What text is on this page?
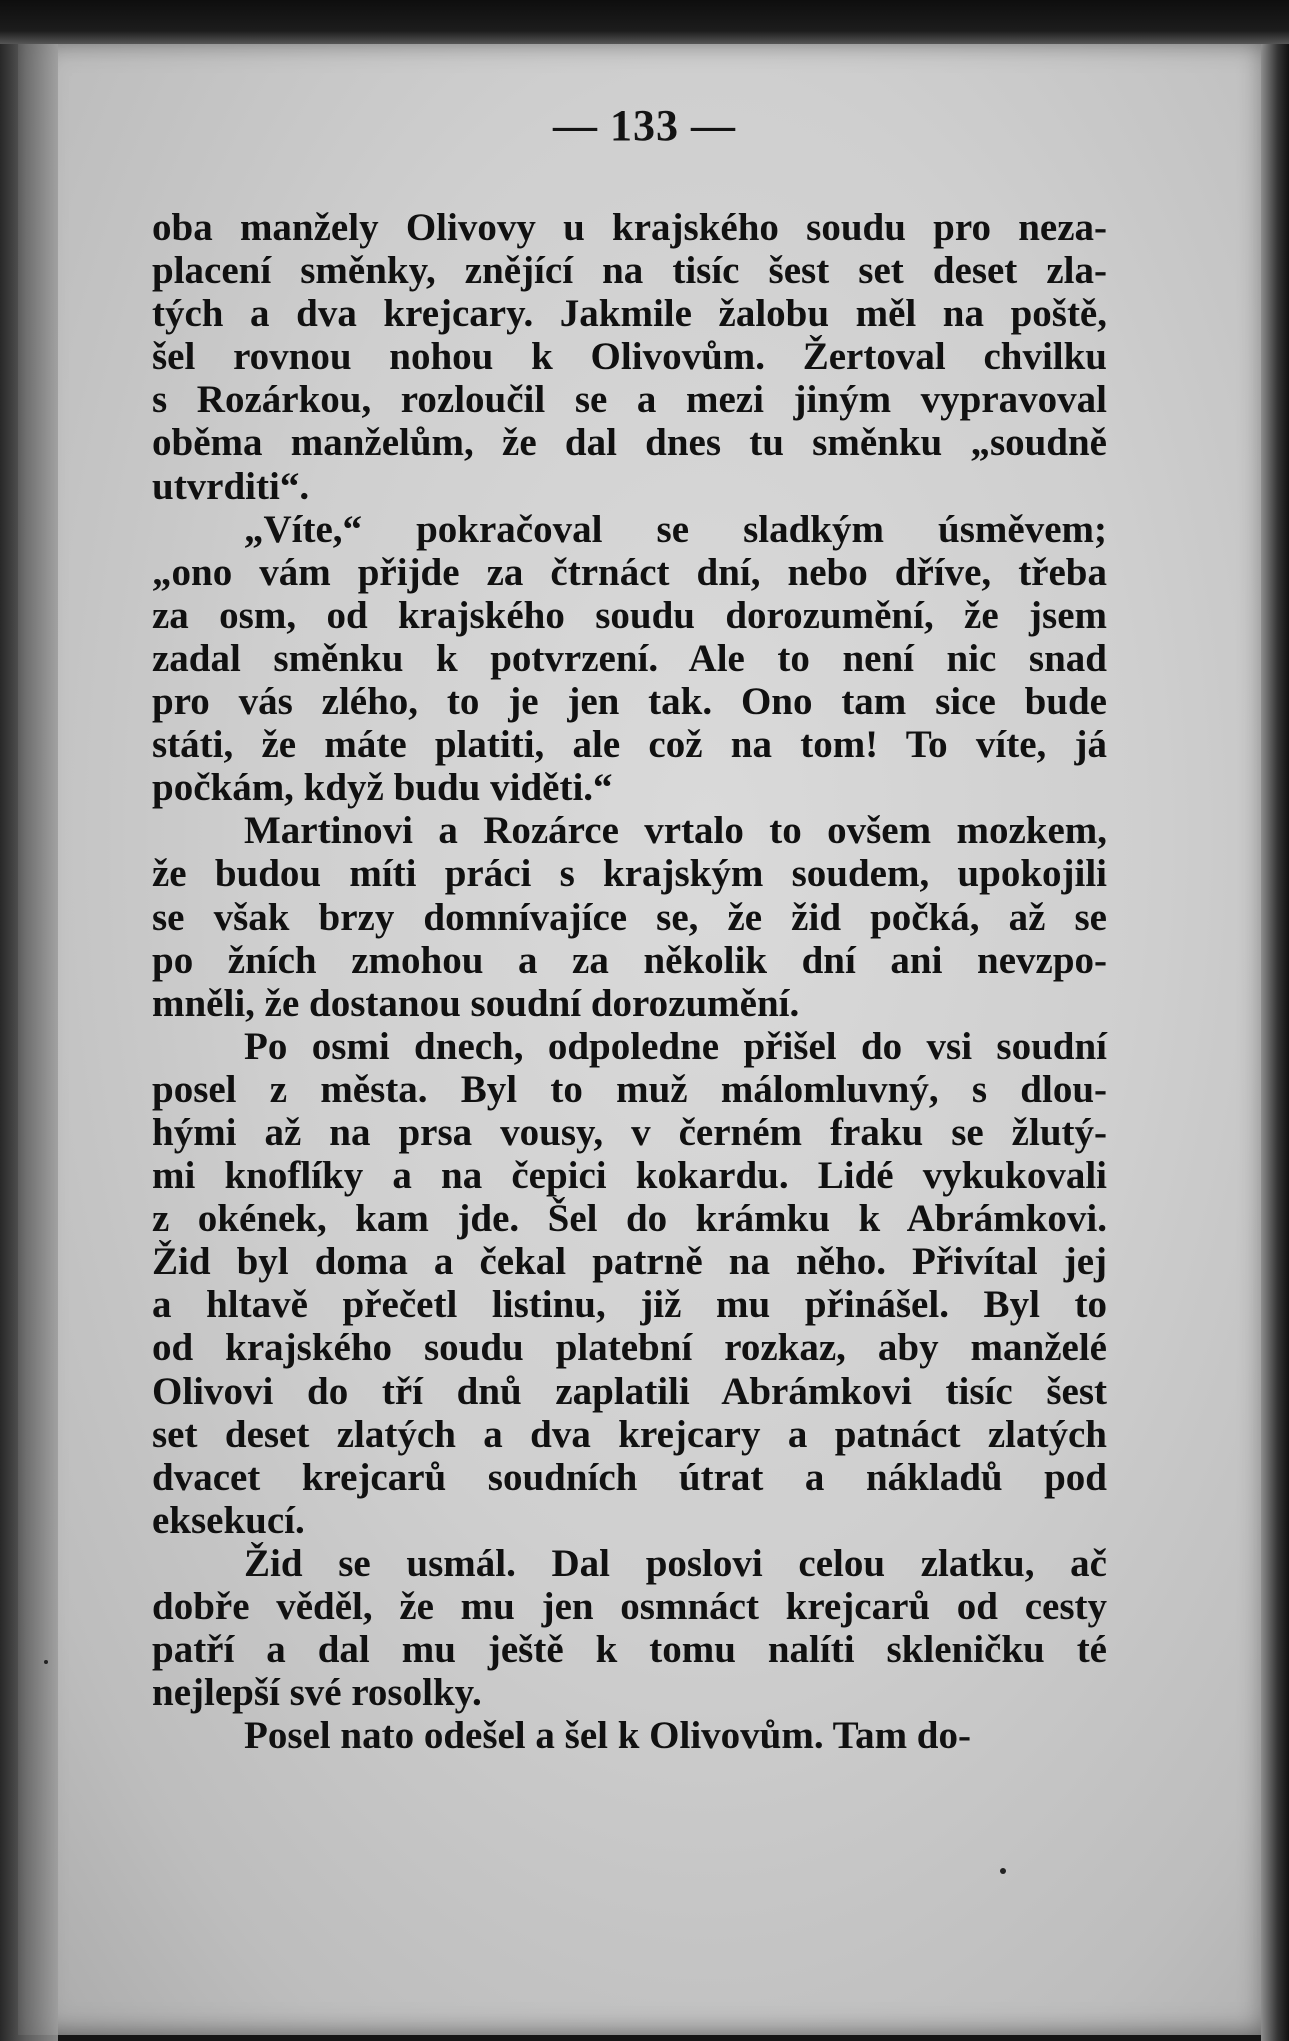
— 133 —
oba manžely Olivovy u krajského soudu pro neza-
placení směnky, znějící na tisíc šest set deset zla-
tých a dva krejcary. Jakmile žalobu měl na poště,
šel rovnou nohou k Olivovům. Žertoval chvilku
s Rozárkou, rozloučil se a mezi jiným vypravoval
oběma manželům, že dal dnes tu směnku „soudně
utvrditi“.
„Víte,“ pokračoval se sladkým úsměvem;
„ono vám přijde za čtrnáct dní, nebo dříve, třeba
za osm, od krajského soudu dorozumění, že jsem
zadal směnku k potvrzení. Ale to není nic snad
pro vás zlého, to je jen tak. Ono tam sice bude
státi, že máte platiti, ale což na tom! To víte, já
počkám, když budu viděti.“
Martinovi a Rozárce vrtalo to ovšem mozkem,
že budou míti práci s krajským soudem, upokojili
se však brzy domnívajíce se, že žid počká, až se
po žních zmohou a za několik dní ani nevzpo-
mněli, že dostanou soudní dorozumění.
Po osmi dnech, odpoledne přišel do vsi soudní
posel z města. Byl to muž málomluvný, s dlou-
hými až na prsa vousy, v černém fraku se žlutý-
mi knoflíky a na čepici kokardu. Lidé vykukovali
z okének, kam jde. Šel do krámku k Abrámkovi.
Žid byl doma a čekal patrně na něho. Přivítal jej
a hltavě přečetl listinu, již mu přinášel. Byl to
od krajského soudu platební rozkaz, aby manželé
Olivovi do tří dnů zaplatili Abrámkovi tisíc šest
set deset zlatých a dva krejcary a patnáct zlatých
dvacet krejcarů soudních útrat a nákladů pod
eksekucí.
Žid se usmál. Dal poslovi celou zlatku, ač
dobře věděl, že mu jen osmnáct krejcarů od cesty
patří a dal mu ještě k tomu nalíti skleničku té
nejlepší své rosolky.
Posel nato odešel a šel k Olivovům. Tam do-
